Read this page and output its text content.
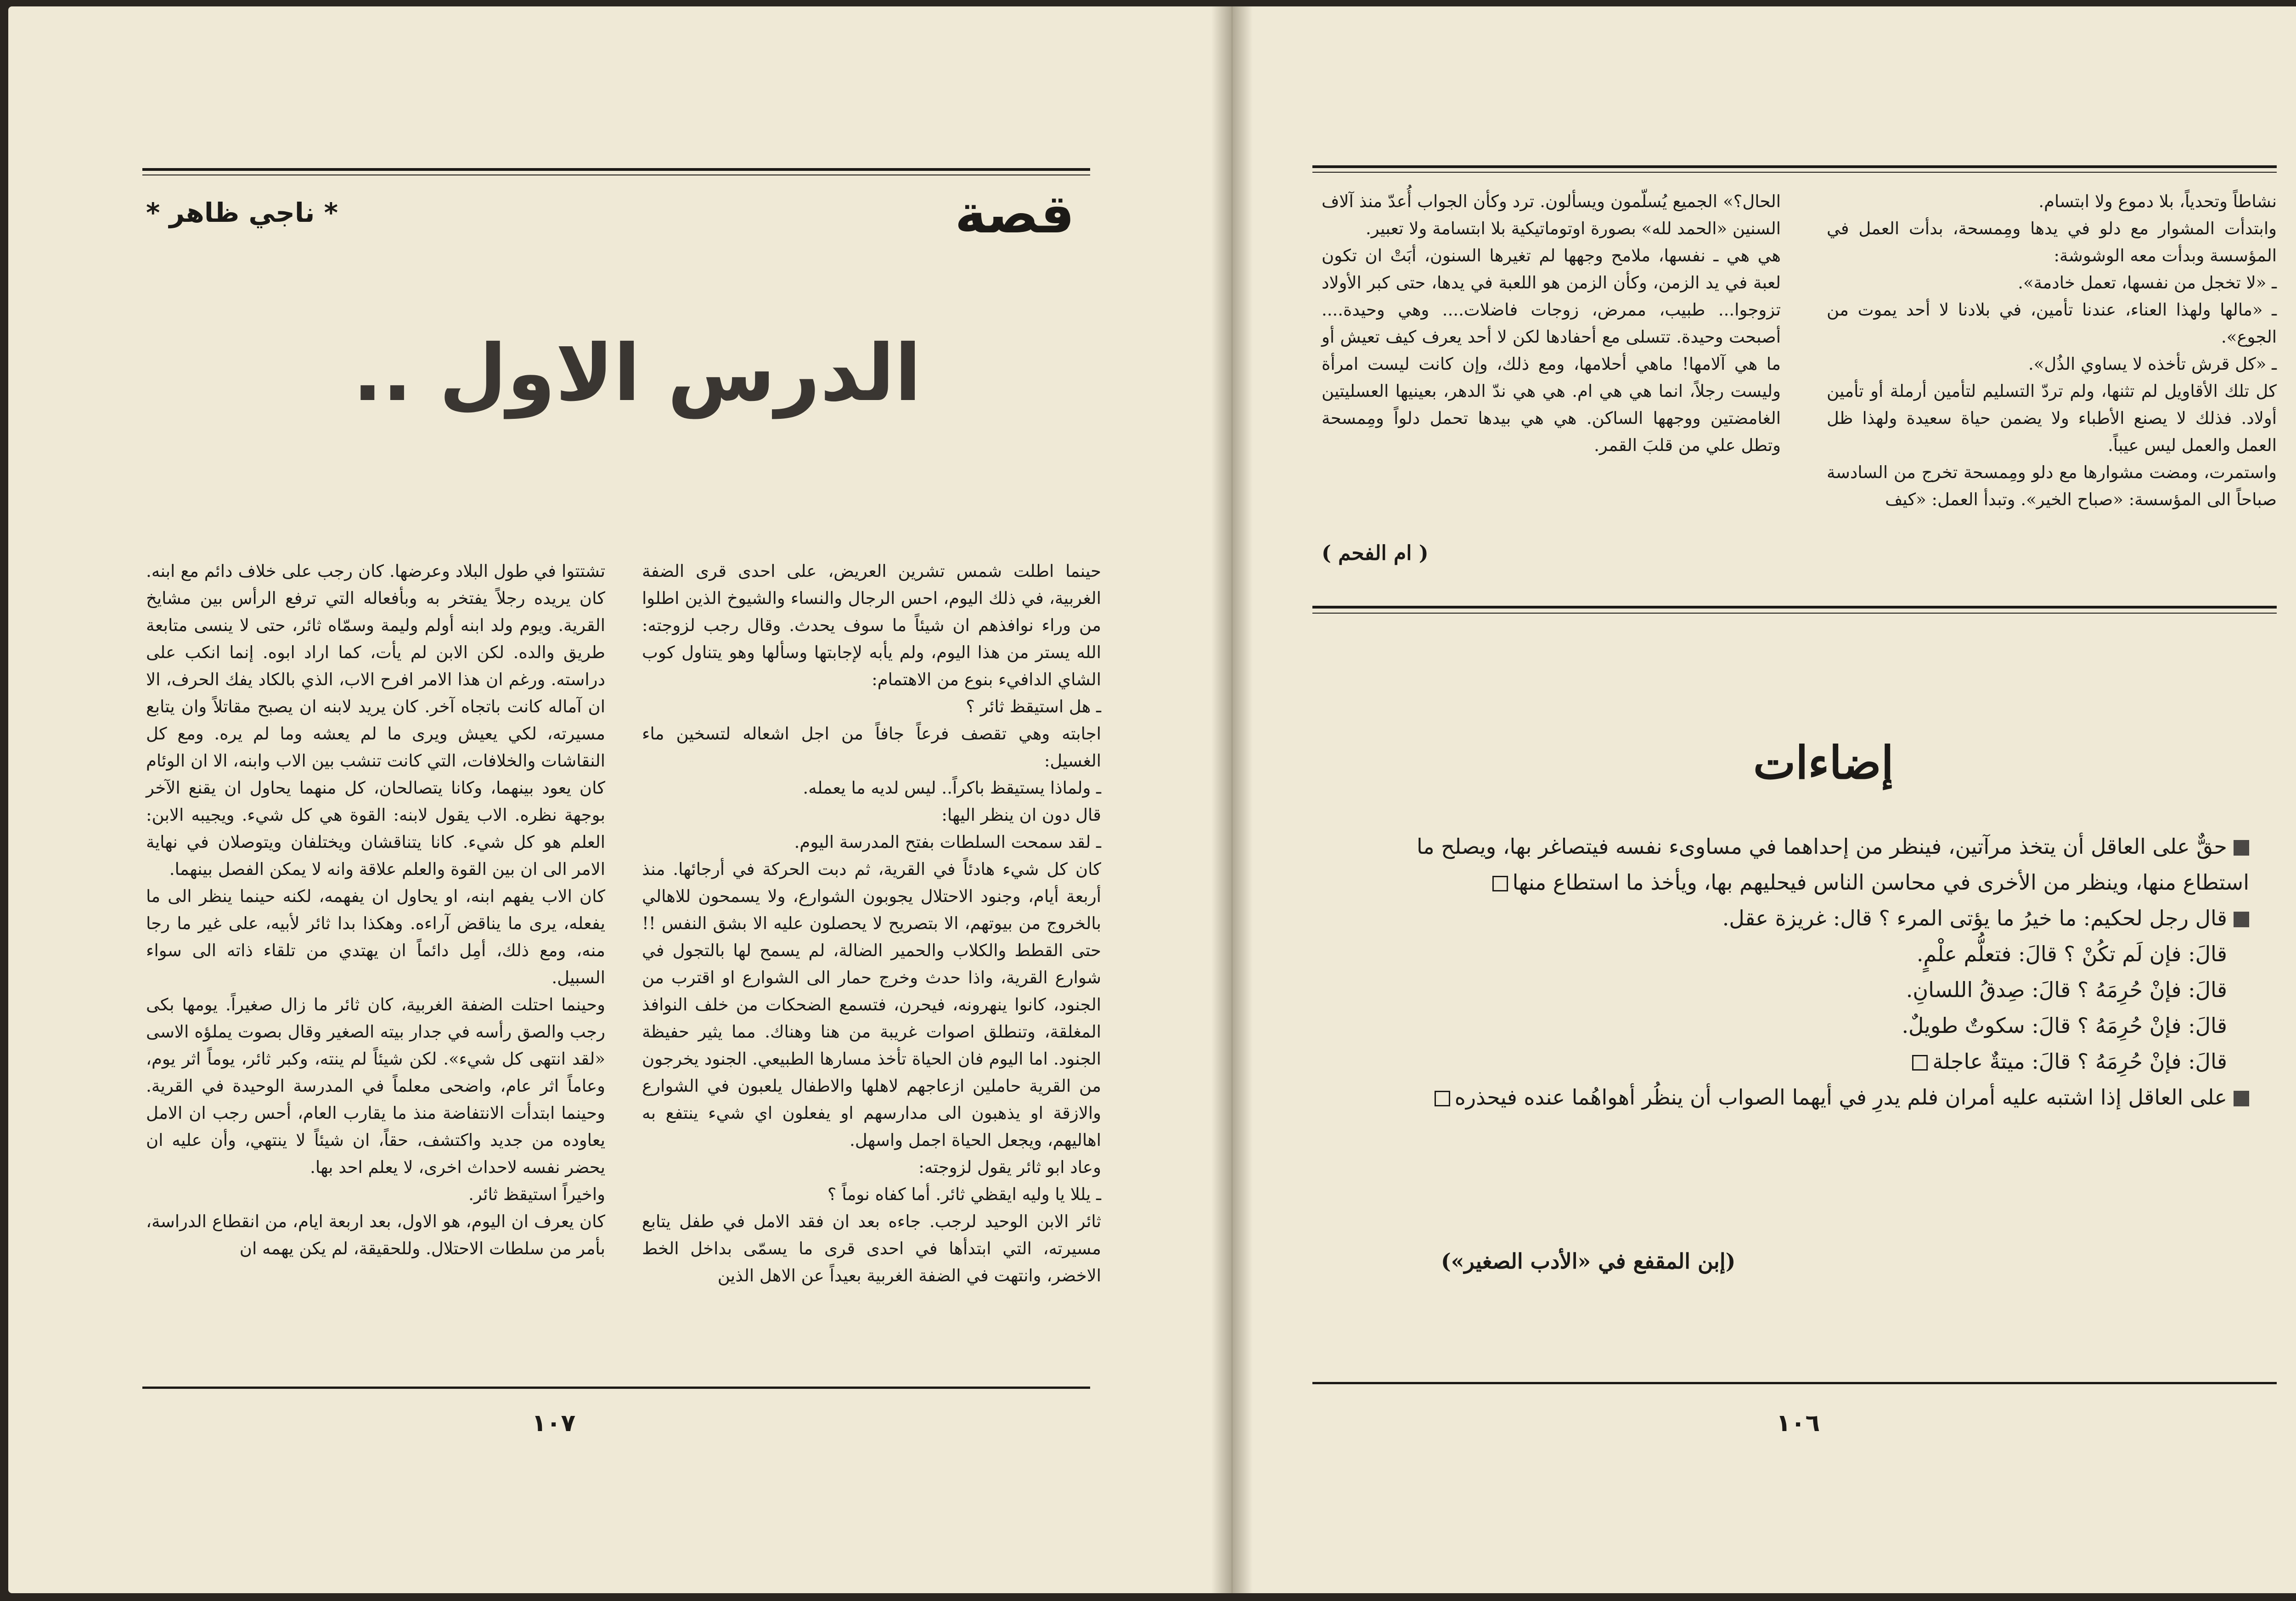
قصة
* ناجي ظاهر *
الدرس الاول ..

حينما اطلت شمس تشرين العريض، على احدى قرى الضفة الغربية، في ذلك اليوم، احس الرجال والنساء والشيوخ الذين اطلوا من وراء نوافذهم ان شيئاً ما سوف يحدث. وقال رجب لزوجته: الله يستر من هذا اليوم، ولم يأبه لإجابتها وسألها وهو يتناول كوب الشاي الدافيء بنوع من الاهتمام:

ـ هل استيقظ ثائر ؟

اجابته وهي تقصف فرعاً جافاً من اجل اشعاله لتسخين ماء الغسيل:

ـ ولماذا يستيقظ باكراً.. ليس لديه ما يعمله.

قال دون ان ينظر اليها:

ـ لقد سمحت السلطات بفتح المدرسة اليوم.

كان كل شيء هادئاً في القرية، ثم دبت الحركة في أرجائها. منذ أربعة أيام، وجنود الاحتلال يجوبون الشوارع، ولا يسمحون للاهالي بالخروج من بيوتهم، الا بتصريح لا يحصلون عليه الا بشق النفس !! حتى القطط والكلاب والحمير الضالة، لم يسمح لها بالتجول في شوارع القرية، واذا حدث وخرج حمار الى الشوارع او اقترب من الجنود، كانوا ينهرونه، فيحرن، فتسمع الضحكات من خلف النوافذ المغلقة، وتنطلق اصوات غريبة من هنا وهناك. مما يثير حفيظة الجنود. اما اليوم فان الحياة تأخذ مسارها الطبيعي. الجنود يخرجون من القرية حاملين ازعاجهم لاهلها والاطفال يلعبون في الشوارع والازقة او يذهبون الى مدارسهم او يفعلون اي شيء ينتفع به اهاليهم، ويجعل الحياة اجمل واسهل.

وعاد ابو ثائر يقول لزوجته:

ـ يللا يا وليه ايقظي ثائر. أما كفاه نوماً ؟

ثائر الابن الوحيد لرجب. جاءه بعد ان فقد الامل في طفل يتابع مسيرته، التي ابتدأها في احدى قرى ما يسمّى بداخل الخط الاخضر، وانتهت في الضفة الغربية بعيداً عن الاهل الذين

تشتتوا في طول البلاد وعرضها. كان رجب على خلاف دائم مع ابنه. كان يريده رجلاً يفتخر به وبأفعاله التي ترفع الرأس بين مشايخ القرية. ويوم ولد ابنه أولم وليمة وسمّاه ثائر، حتى لا ينسى متابعة طريق والده. لكن الابن لم يأت، كما اراد ابوه. إنما انكب على دراسته. ورغم ان هذا الامر افرح الاب، الذي بالكاد يفك الحرف، الا ان آماله كانت باتجاه آخر. كان يريد لابنه ان يصبح مقاتلاً وان يتابع مسيرته، لكي يعيش ويرى ما لم يعشه وما لم يره. ومع كل النقاشات والخلافات، التي كانت تنشب بين الاب وابنه، الا ان الوئام كان يعود بينهما، وكانا يتصالحان، كل منهما يحاول ان يقنع الآخر بوجهة نظره. الاب يقول لابنه: القوة هي كل شيء. ويجيبه الابن: العلم هو كل شيء. كانا يتناقشان ويختلفان ويتوصلان في نهاية الامر الى ان بين القوة والعلم علاقة وانه لا يمكن الفصل بينهما.

كان الاب يفهم ابنه، او يحاول ان يفهمه، لكنه حينما ينظر الى ما يفعله، يرى ما يناقض آراءه. وهكذا بدا ثائر لأبيه، على غير ما رجا منه، ومع ذلك، أمِل دائماً ان يهتدي من تلقاء ذاته الى سواء السبيل.

وحينما احتلت الضفة الغربية، كان ثائر ما زال صغيراً. يومها بكى رجب والصق رأسه في جدار بيته الصغير وقال بصوت يملؤه الاسى «لقد انتهى كل شيء». لكن شيئاً لم ينته، وكبر ثائر، يوماً اثر يوم، وعاماً اثر عام، واضحى معلماً في المدرسة الوحيدة في القرية. وحينما ابتدأت الانتفاضة منذ ما يقارب العام، أحس رجب ان الامل يعاوده من جديد واكتشف، حقاً، ان شيئاً لا ينتهي، وأن عليه ان يحضر نفسه لاحداث اخرى، لا يعلم احد بها.

واخيراً استيقظ ثائر.

كان يعرف ان اليوم، هو الاول، بعد اربعة ايام، من انقطاع الدراسة، بأمر من سلطات الاحتلال. وللحقيقة، لم يكن يهمه ان

١٠٧

نشاطاً وتحدياً، بلا دموع ولا ابتسام.

وابتدأت المشوار مع دلو في يدها ومِمسحة، بدأت العمل في المؤسسة وبدأت معه الوشوشة:

ـ «لا تخجل من نفسها، تعمل خادمة».

ـ «مالها ولهذا العناء، عندنا تأمين، في بلادنا لا أحد يموت من الجوع».

ـ «كل قرش تأخذه لا يساوي الذُل».

كل تلك الأقاويل لم تثنها، ولم تردّ التسليم لتأمين أرملة أو تأمين أولاد. فذلك لا يصنع الأطباء ولا يضمن حياة سعيدة ولهذا ظل العمل والعمل ليس عيباً.

واستمرت، ومضت مشوارها مع دلو ومِمسحة تخرج من السادسة صباحاً الى المؤسسة: «صباح الخير». وتبدأ العمل: «كيف

الحال؟» الجميع يُسلّمون ويسألون. ترد وكأن الجواب أُعدّ منذ آلاف السنين «الحمد لله» بصورة اوتوماتيكية بلا ابتسامة ولا تعبير.

هي هي ـ نفسها، ملامح وجهها لم تغيرها السنون، أبَتْ ان تكون لعبة في يد الزمن، وكأن الزمن هو اللعبة في يدها، حتى كبر الأولاد تزوجوا... طبيب، ممرض، زوجات فاضلات.... وهي وحيدة.... أصبحت وحيدة. تتسلى مع أحفادها لكن لا أحد يعرف كيف تعيش أو ما هي آلامها! ماهي أحلامها، ومع ذلك، وإن كانت ليست امرأة وليست رجلاً، انما هي هي ام. هي هي ندّ الدهر، بعينيها العسليتين الغامضتين ووجهها الساكن. هي هي بيدها تحمل دلواً ومِمسحة وتطل علي من قلبَ القمر.

( ام الفحم )
إضاءات

حقٌّ على العاقل أن يتخذ مرآتين، فينظر من إحداهما في مساوىء نفسه فيتصاغر بها، ويصلح ما استطاع منها، وينظر من الأخرى في محاسن الناس فيحليهم بها، ويأخذ ما استطاع منها

قال رجل لحكيم: ما خيرُ ما يؤتى المرء ؟ قال: غريزة عقل.

قالَ: فإن لَم تكُنْ ؟ قالَ: فتعلُّم علْمٍ.

قالَ: فإنْ حُرِمَهُ ؟ قالَ: صِدقُ اللسانِ.

قالَ: فإنْ حُرِمَهُ ؟ قالَ: سكوتٌ طويلٌ.

قالَ: فإنْ حُرِمَهُ ؟ قالَ: ميتةٌ عاجلة

على العاقل إذا اشتبه عليه أمران فلم يدرِ في أيهما الصواب أن ينظُر أهواهُما عنده فيحذره

(إبن المقفع في «الأدب الصغير»)
١٠٦
